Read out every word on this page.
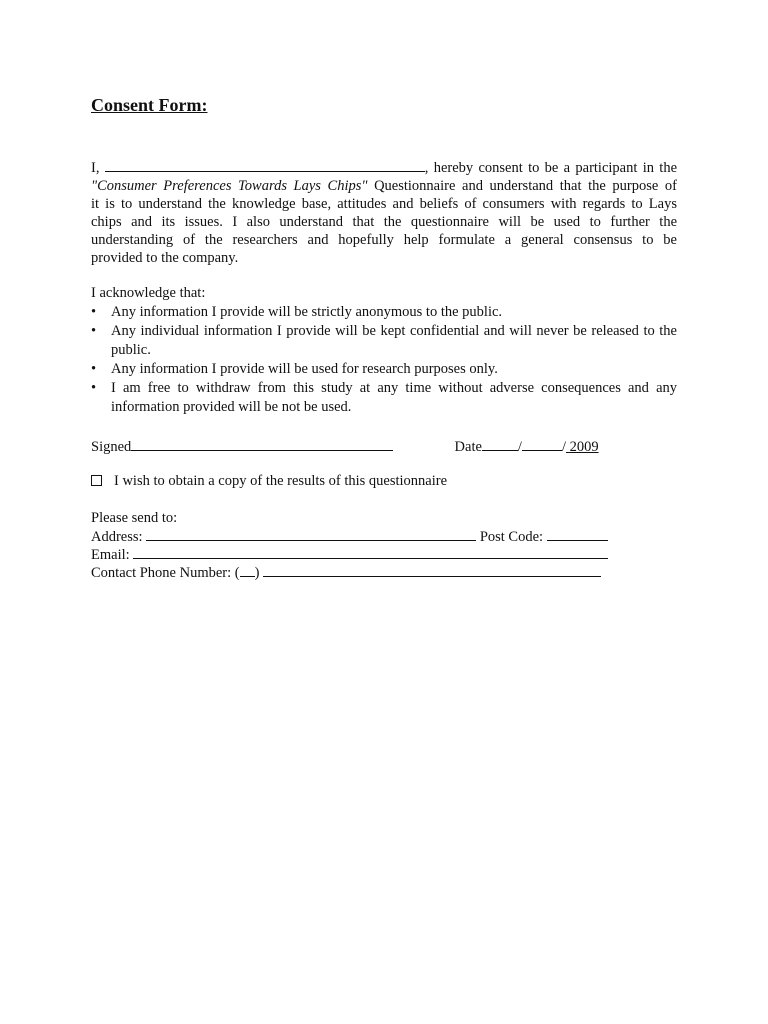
Consent Form:
I,	, hereby consent to be a participant in the
"Consumer Preferences Towards Lays Chips" Questionnaire and understand that the purpose of
it is to understand the knowledge base, attitudes and beliefs of consumers with regards to Lays
chips and its issues. I also understand that the questionnaire will be used to further the
understanding of the researchers and hopefully help formulate a general consensus to be
provided to the company.
I acknowledge that:
• Any information I provide will be strictly anonymous to the public.
• Any individual information I provide will be kept confidential and will never be released to the public.
• Any information I provide will be used for research purposes only.
• I am free to withdraw from this study at any time without adverse consequences and any information provided will be not be used.
Signed	Date /	/ 2009
I wish to obtain a copy of the results of this questionnaire
Please send to:
Address:	Post Code:
Email:
Contact Phone Number: ( )
